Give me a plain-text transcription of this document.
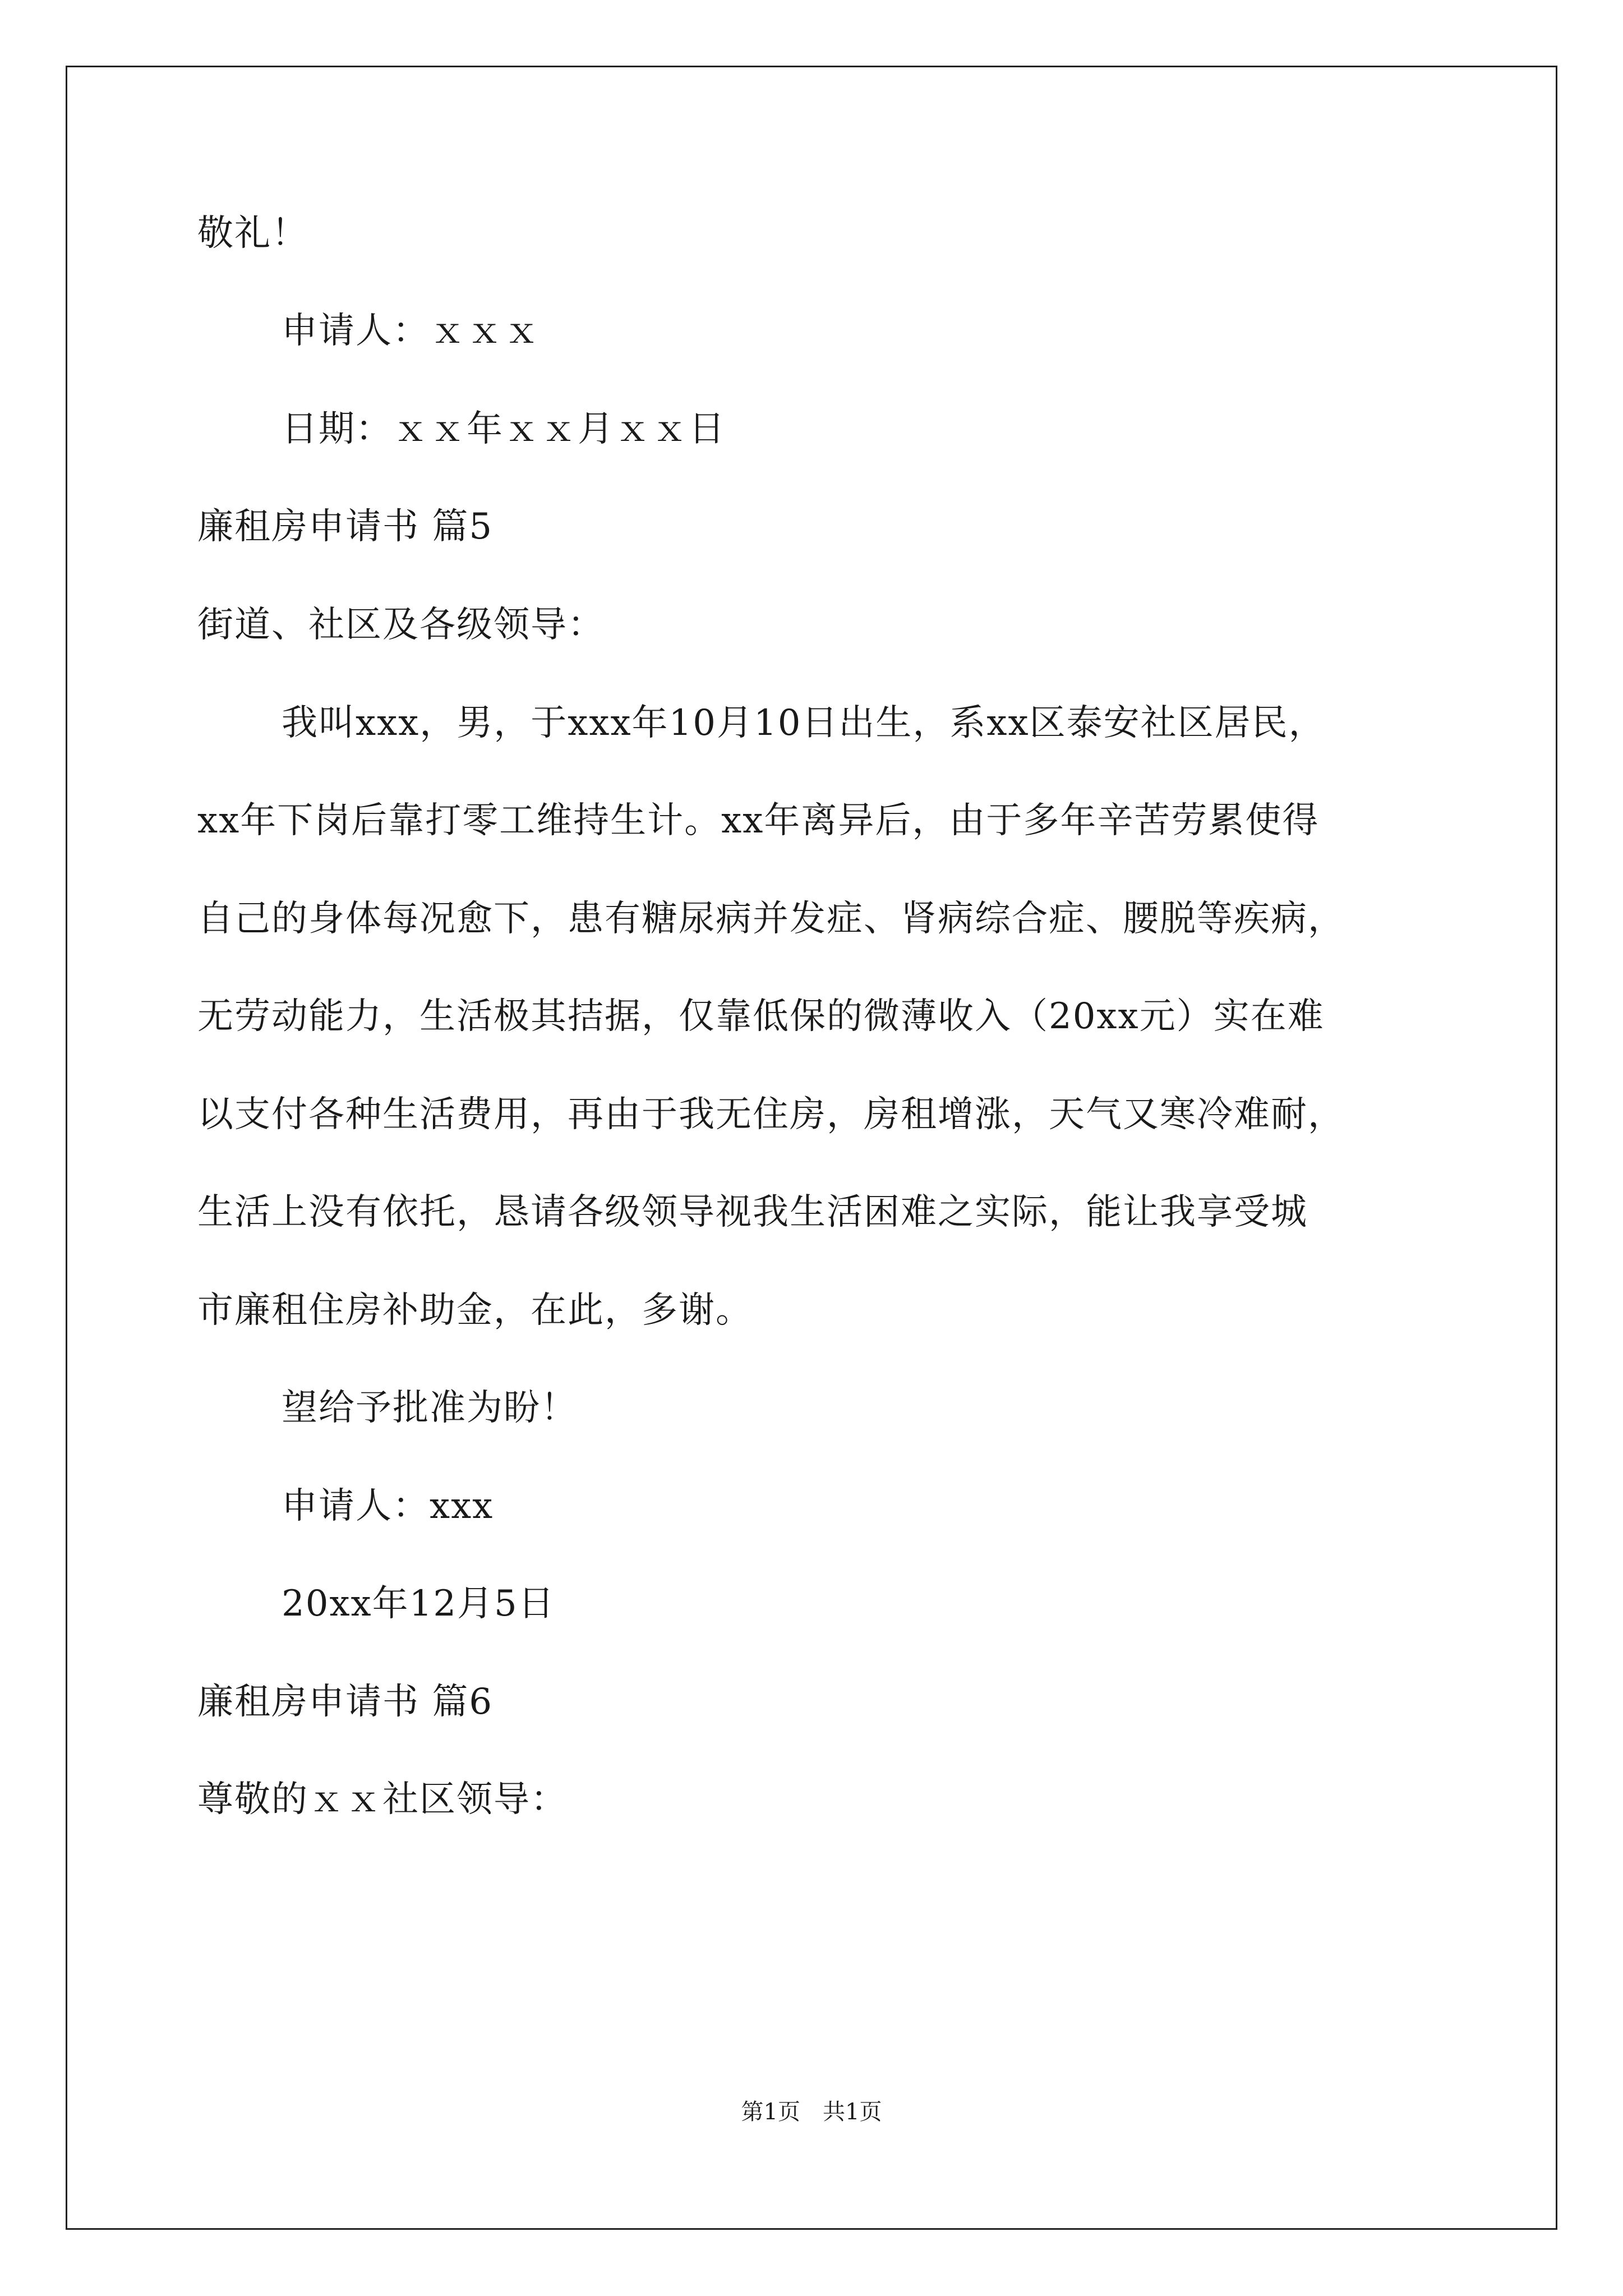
敬礼！
申请人：ｘｘｘ
日期：ｘｘ年ｘｘ月ｘｘ日
廉租房申请书 篇5
街道、社区及各级领导：
我叫xxx，男，于xxx年10月10日出生，系xx区泰安社区居民，
xx年下岗后靠打零工维持生计。xx年离异后，由于多年辛苦劳累使得
自己的身体每况愈下，患有糖尿病并发症、肾病综合症、腰脱等疾病，
无劳动能力，生活极其拮据，仅靠低保的微薄收入（20xx元）实在难
以支付各种生活费用，再由于我无住房，房租增涨，天气又寒冷难耐，
生活上没有依托，恳请各级领导视我生活困难之实际，能让我享受城
市廉租住房补助金，在此，多谢。
望给予批准为盼！
申请人：xxx
20xx年12月5日
廉租房申请书 篇6
尊敬的ｘｘ社区领导：
第1页　共1页
